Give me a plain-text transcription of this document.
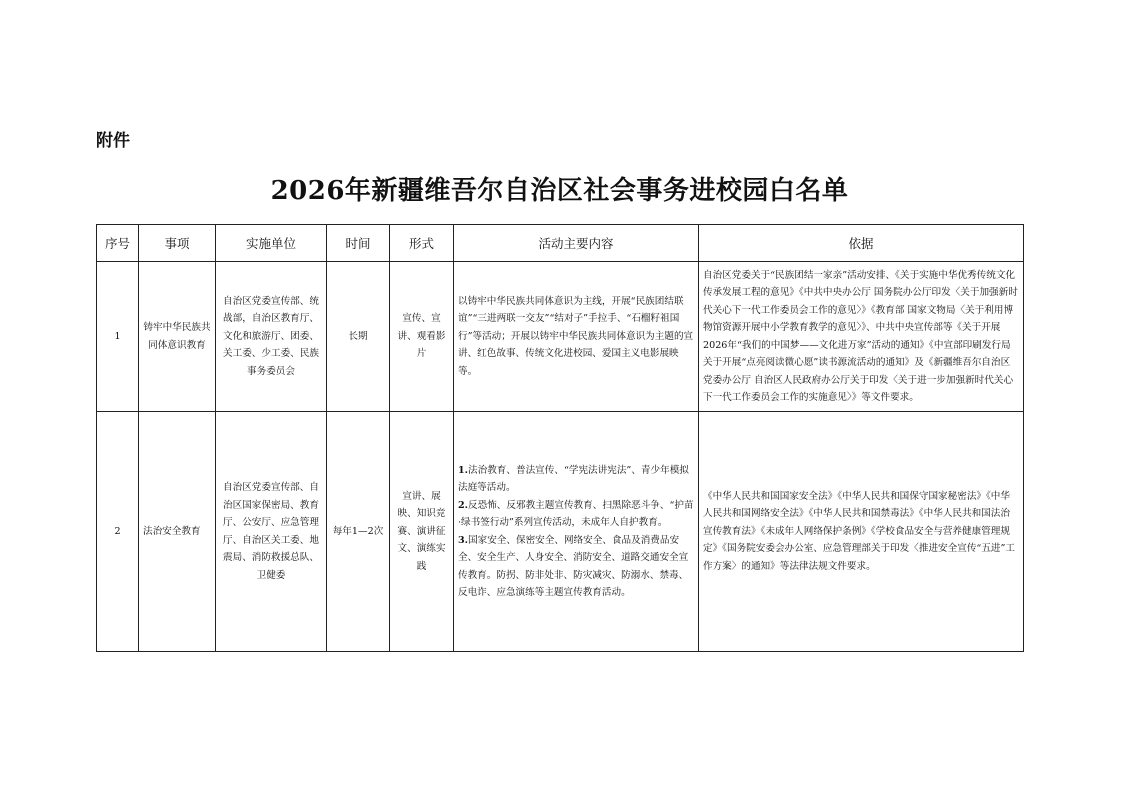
附件
2026年新疆维吾尔自治区社会事务进校园白名单
序号	事项	实施单位	时间	形式	活动主要内容	依据
1	铸牢中华民族共同体意识教育	自治区党委宣传部、统战部，自治区教育厅、文化和旅游厅、团委、关工委、少工委、民族事务委员会	长期	宣传、宣讲、观看影片	以铸牢中华民族共同体意识为主线，开展“民族团结联谊”“三进两联一交友”“结对子”手拉手、“石榴籽祖国行”等活动；开展以铸牢中华民族共同体意识为主题的宣讲、红色故事、传统文化进校园、爱国主义电影展映等。	自治区党委关于“民族团结一家亲”活动安排、《关于实施中华优秀传统文化传承发展工程的意见》《中共中央办公厅 国务院办公厅印发〈关于加强新时代关心下一代工作委员会工作的意见〉》《教育部 国家文物局〈关于利用博物馆资源开展中小学教育教学的意见〉》、中共中央宣传部等《关于开展2026年“我们的中国梦——文化进万家”活动的通知》《中宣部印刷发行局关于开展“点亮阅读微心愿”读书源流活动的通知》及《新疆维吾尔自治区党委办公厅 自治区人民政府办公厅关于印发〈关于进一步加强新时代关心下一代工作委员会工作的实施意见〉》等文件要求。
2	法治安全教育	自治区党委宣传部、自治区国家保密局、教育厅、公安厅、应急管理厅、自治区关工委、地震局、消防救援总队、卫健委	每年1—2次	宣讲、展映、知识竞赛、演讲征文、演练实践	1.法治教育、普法宣传、“学宪法讲宪法”、青少年模拟法庭等活动。
2.反恐怖、反邪教主题宣传教育、扫黑除恶斗争、“护苗·绿书签行动”系列宣传活动，未成年人自护教育。
3.国家安全、保密安全、网络安全、食品及消费品安全、安全生产、人身安全、消防安全、道路交通安全宣传教育。防拐、防非处非、防灾减灾、防溺水、禁毒、反电诈、应急演练等主题宣传教育活动。	《中华人民共和国国家安全法》《中华人民共和国保守国家秘密法》《中华人民共和国网络安全法》《中华人民共和国禁毒法》《中华人民共和国法治宣传教育法》《未成年人网络保护条例》《学校食品安全与营养健康管理规定》《国务院安委会办公室、应急管理部关于印发〈推进安全宣传“五进”工作方案〉的通知》等法律法规文件要求。
